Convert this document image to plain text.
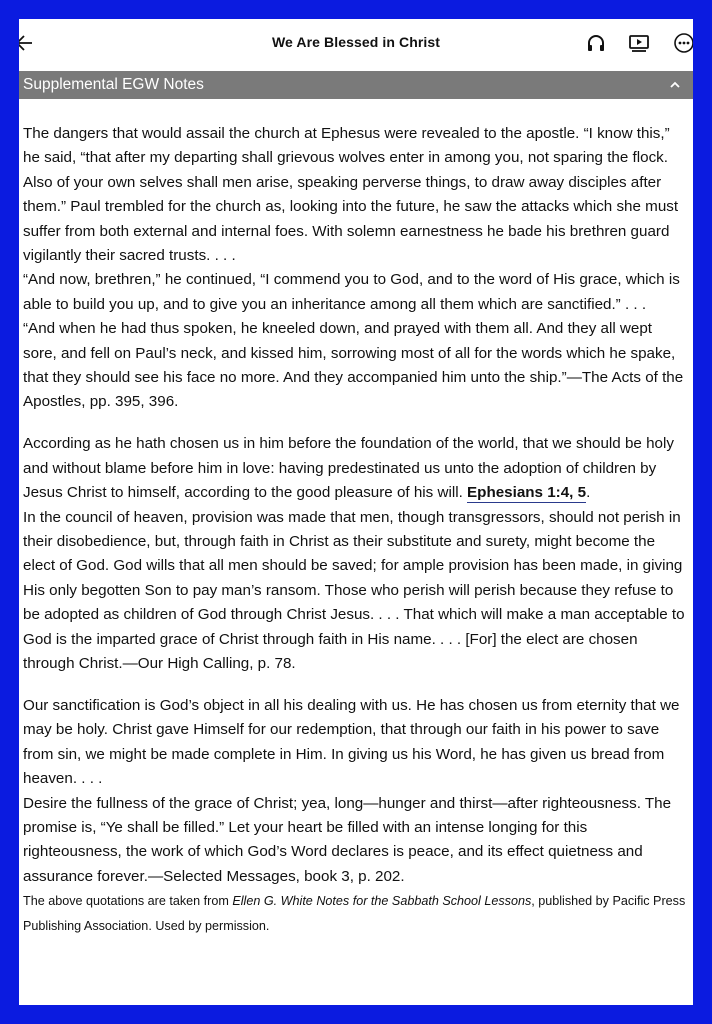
We Are Blessed in Christ
Supplemental EGW Notes

The dangers that would assail the church at Ephesus were revealed to the apostle. “I know this,” he said, “that after my departing shall grievous wolves enter in among you, not sparing the flock. Also of your own selves shall men arise, speaking perverse things, to draw away disciples after them.” Paul trembled for the church as, looking into the future, he saw the attacks which she must suffer from both external and internal foes. With solemn earnestness he bade his brethren guard vigilantly their sacred trusts. . . .

“And now, brethren,” he continued, “I commend you to God, and to the word of His grace, which is able to build you up, and to give you an inheritance among all them which are sanctified.” . . .

“And when he had thus spoken, he kneeled down, and prayed with them all. And they all wept sore, and fell on Paul’s neck, and kissed him, sorrowing most of all for the words which he spake, that they should see his face no more. And they accompanied him unto the ship.”—The Acts of the Apostles, pp. 395, 396.

According as he hath chosen us in him before the foundation of the world, that we should be holy and without blame before him in love: having predestinated us unto the adoption of children by Jesus Christ to himself, according to the good pleasure of his will. Ephesians 1:4, 5.

In the council of heaven, provision was made that men, though transgressors, should not perish in their disobedience, but, through faith in Christ as their substitute and surety, might become the elect of God. God wills that all men should be saved; for ample provision has been made, in giving His only begotten Son to pay man’s ransom. Those who perish will perish because they refuse to be adopted as children of God through Christ Jesus. . . . That which will make a man acceptable to God is the imparted grace of Christ through faith in His name. . . . [For] the elect are chosen through Christ.—Our High Calling, p. 78.

Our sanctification is God’s object in all his dealing with us. He has chosen us from eternity that we may be holy. Christ gave Himself for our redemption, that through our faith in his power to save from sin, we might be made complete in Him. In giving us his Word, he has given us bread from heaven. . . .

Desire the fullness of the grace of Christ; yea, long—hunger and thirst—after righteousness. The promise is, “Ye shall be filled.” Let your heart be filled with an intense longing for this righteousness, the work of which God’s Word declares is peace, and its effect quietness and assurance forever.—Selected Messages, book 3, p. 202.

The above quotations are taken from Ellen G. White Notes for the Sabbath School Lessons, published by Pacific Press Publishing Association. Used by permission.
